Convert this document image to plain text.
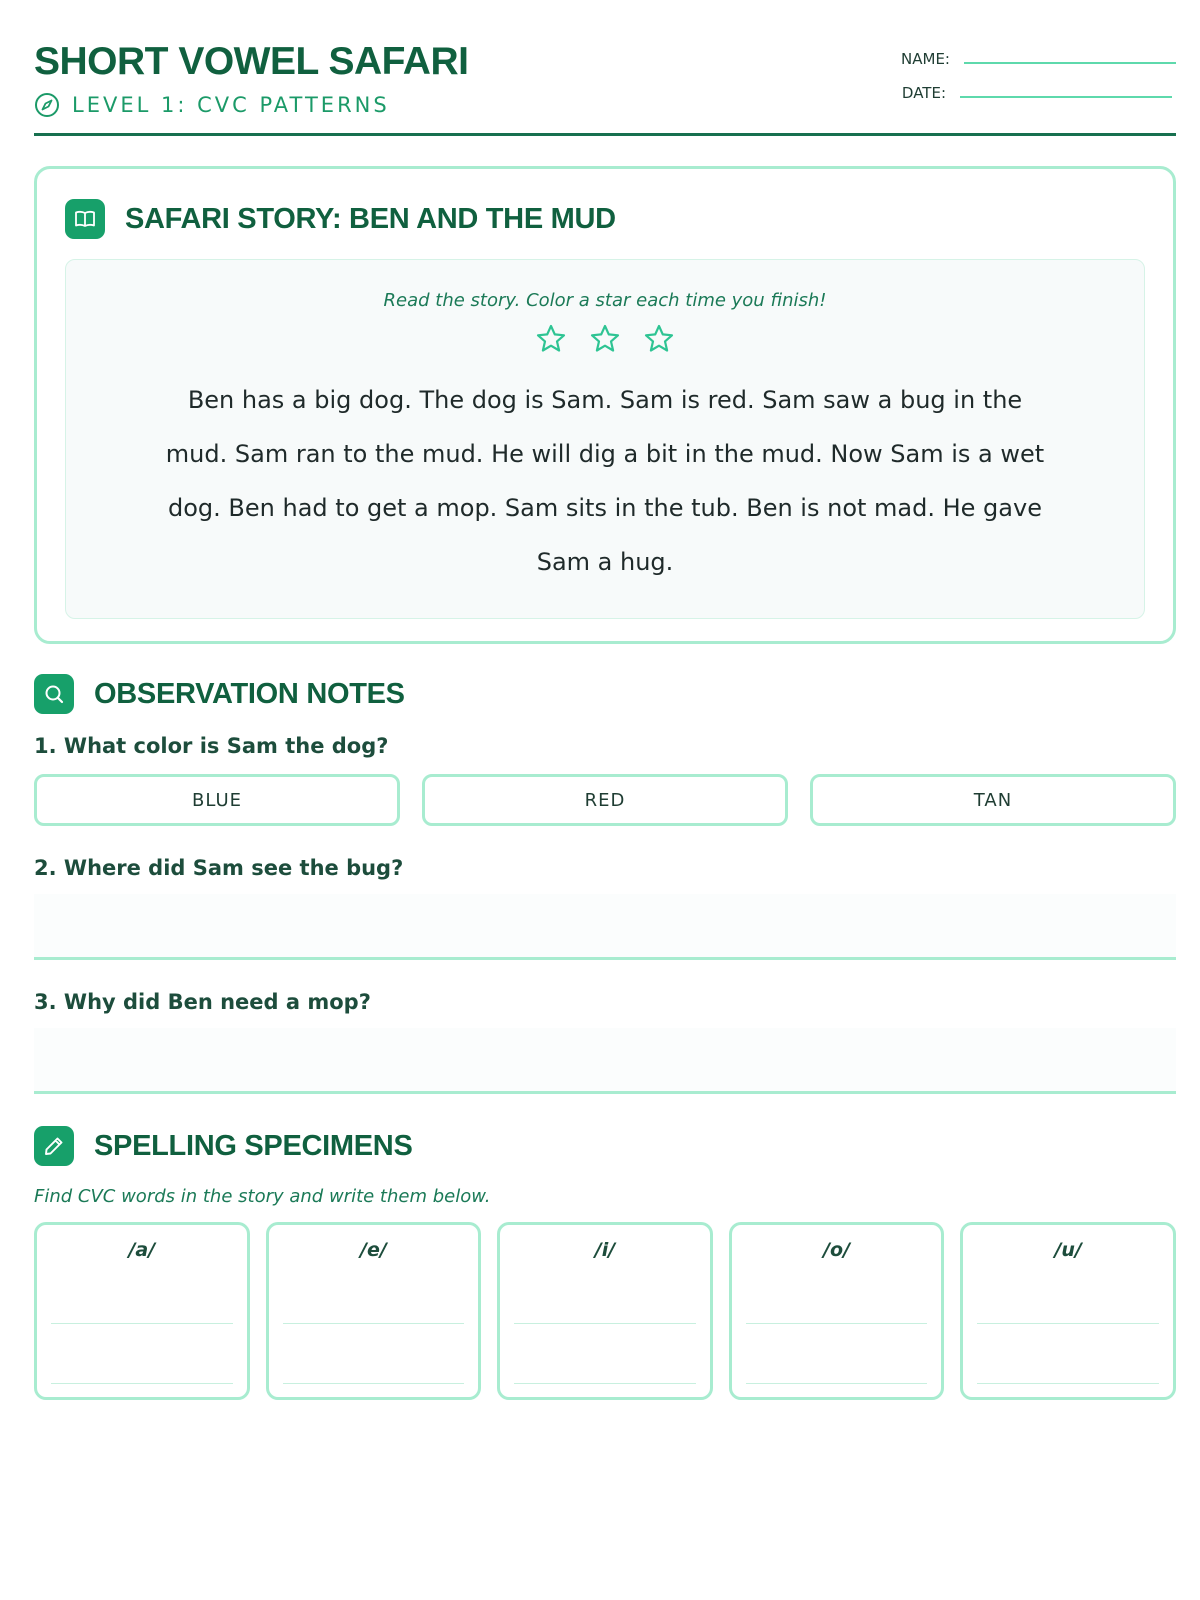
SHORT VOWEL SAFARI
LEVEL 1: CVC PATTERNS
NAME:
DATE:
SAFARI STORY: BEN AND THE MUD
Read the story. Color a star each time you finish!
Ben has a big dog. The dog is Sam. Sam is red. Sam saw a bug in the mud. Sam ran to the mud. He will dig a bit in the mud. Now Sam is a wet dog. Ben had to get a mop. Sam sits in the tub. Ben is not mad. He gave Sam a hug.
OBSERVATION NOTES
1. What color is Sam the dog?
BLUE	RED	TAN
2. Where did Sam see the bug?
3. Why did Ben need a mop?
SPELLING SPECIMENS
Find CVC words in the story and write them below.
/a/	/e/	/i/	/o/	/u/
